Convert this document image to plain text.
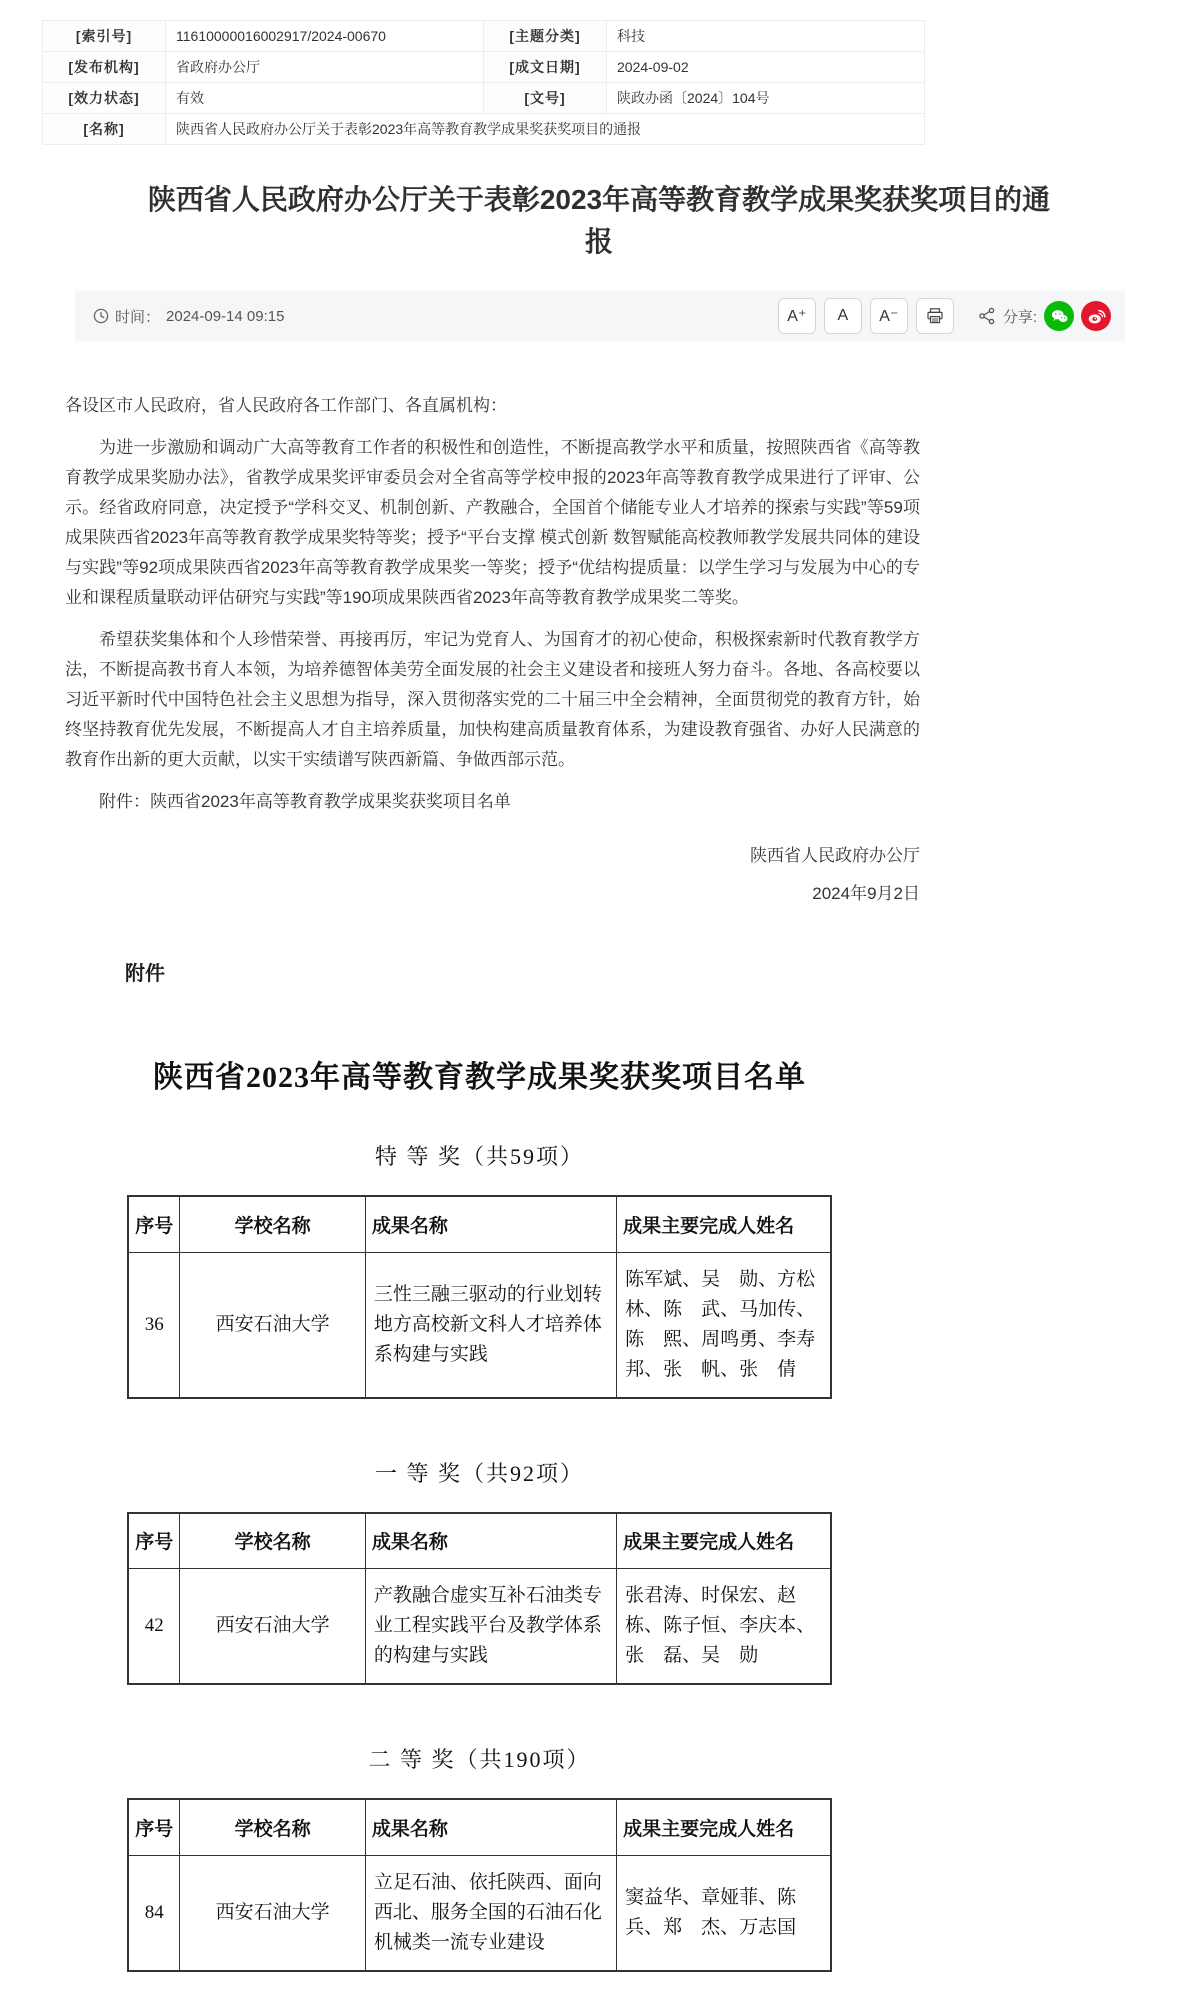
[索引号]	11610000016002917/2024-00670	[主题分类]	科技
[发布机构]	省政府办公厅	[成文日期]	2024-09-02
[效力状态]	有效	[文号]	陕政办函〔2024〕104号
[名称]	陕西省人民政府办公厅关于表彰2023年高等教育教学成果奖获奖项目的通报		
陕西省人民政府办公厅关于表彰2023年高等教育教学成果奖获奖项目的通报
时间： 2024-09-14 09:15	A⁺	A	A⁻	分享:

各设区市人民政府，省人民政府各工作部门、各直属机构：

为进一步激励和调动广大高等教育工作者的积极性和创造性，不断提高教学水平和质量，按照陕西省《高等教育教学成果奖励办法》，省教学成果奖评审委员会对全省高等学校申报的2023年高等教育教学成果进行了评审、公示。经省政府同意，决定授予“学科交叉、机制创新、产教融合，全国首个储能专业人才培养的探索与实践”等59项成果陕西省2023年高等教育教学成果奖特等奖；授予“平台支撑 模式创新 数智赋能高校教师教学发展共同体的建设与实践”等92项成果陕西省2023年高等教育教学成果奖一等奖；授予“优结构提质量：以学生学习与发展为中心的专业和课程质量联动评估研究与实践”等190项成果陕西省2023年高等教育教学成果奖二等奖。

希望获奖集体和个人珍惜荣誉、再接再厉，牢记为党育人、为国育才的初心使命，积极探索新时代教育教学方法，不断提高教书育人本领，为培养德智体美劳全面发展的社会主义建设者和接班人努力奋斗。各地、各高校要以习近平新时代中国特色社会主义思想为指导，深入贯彻落实党的二十届三中全会精神，全面贯彻党的教育方针，始终坚持教育优先发展，不断提高人才自主培养质量，加快构建高质量教育体系，为建设教育强省、办好人民满意的教育作出新的更大贡献，以实干实绩谱写陕西新篇、争做西部示范。

附件：陕西省2023年高等教育教学成果奖获奖项目名单

陕西省人民政府办公厅
2024年9月2日
附件
陕西省2023年高等教育教学成果奖获奖项目名单
特 等 奖（共59项）
序号	学校名称	成果名称	成果主要完成人姓名
36	西安石油大学	三性三融三驱动的行业划转地方高校新文科人才培养体系构建与实践	陈军斌、吴　勋、方松林、陈　武、马加传、陈　熙、周鸣勇、李寿邦、张　帆、张　倩
一 等 奖（共92项）
序号	学校名称	成果名称	成果主要完成人姓名
42	西安石油大学	产教融合虚实互补石油类专业工程实践平台及教学体系的构建与实践	张君涛、时保宏、赵　栋、陈子恒、李庆本、张　磊、吴　勋
二 等 奖（共190项）
序号	学校名称	成果名称	成果主要完成人姓名
84	西安石油大学	立足石油、依托陕西、面向西北、服务全国的石油石化机械类一流专业建设	窦益华、章娅菲、陈　兵、郑　杰、万志国
